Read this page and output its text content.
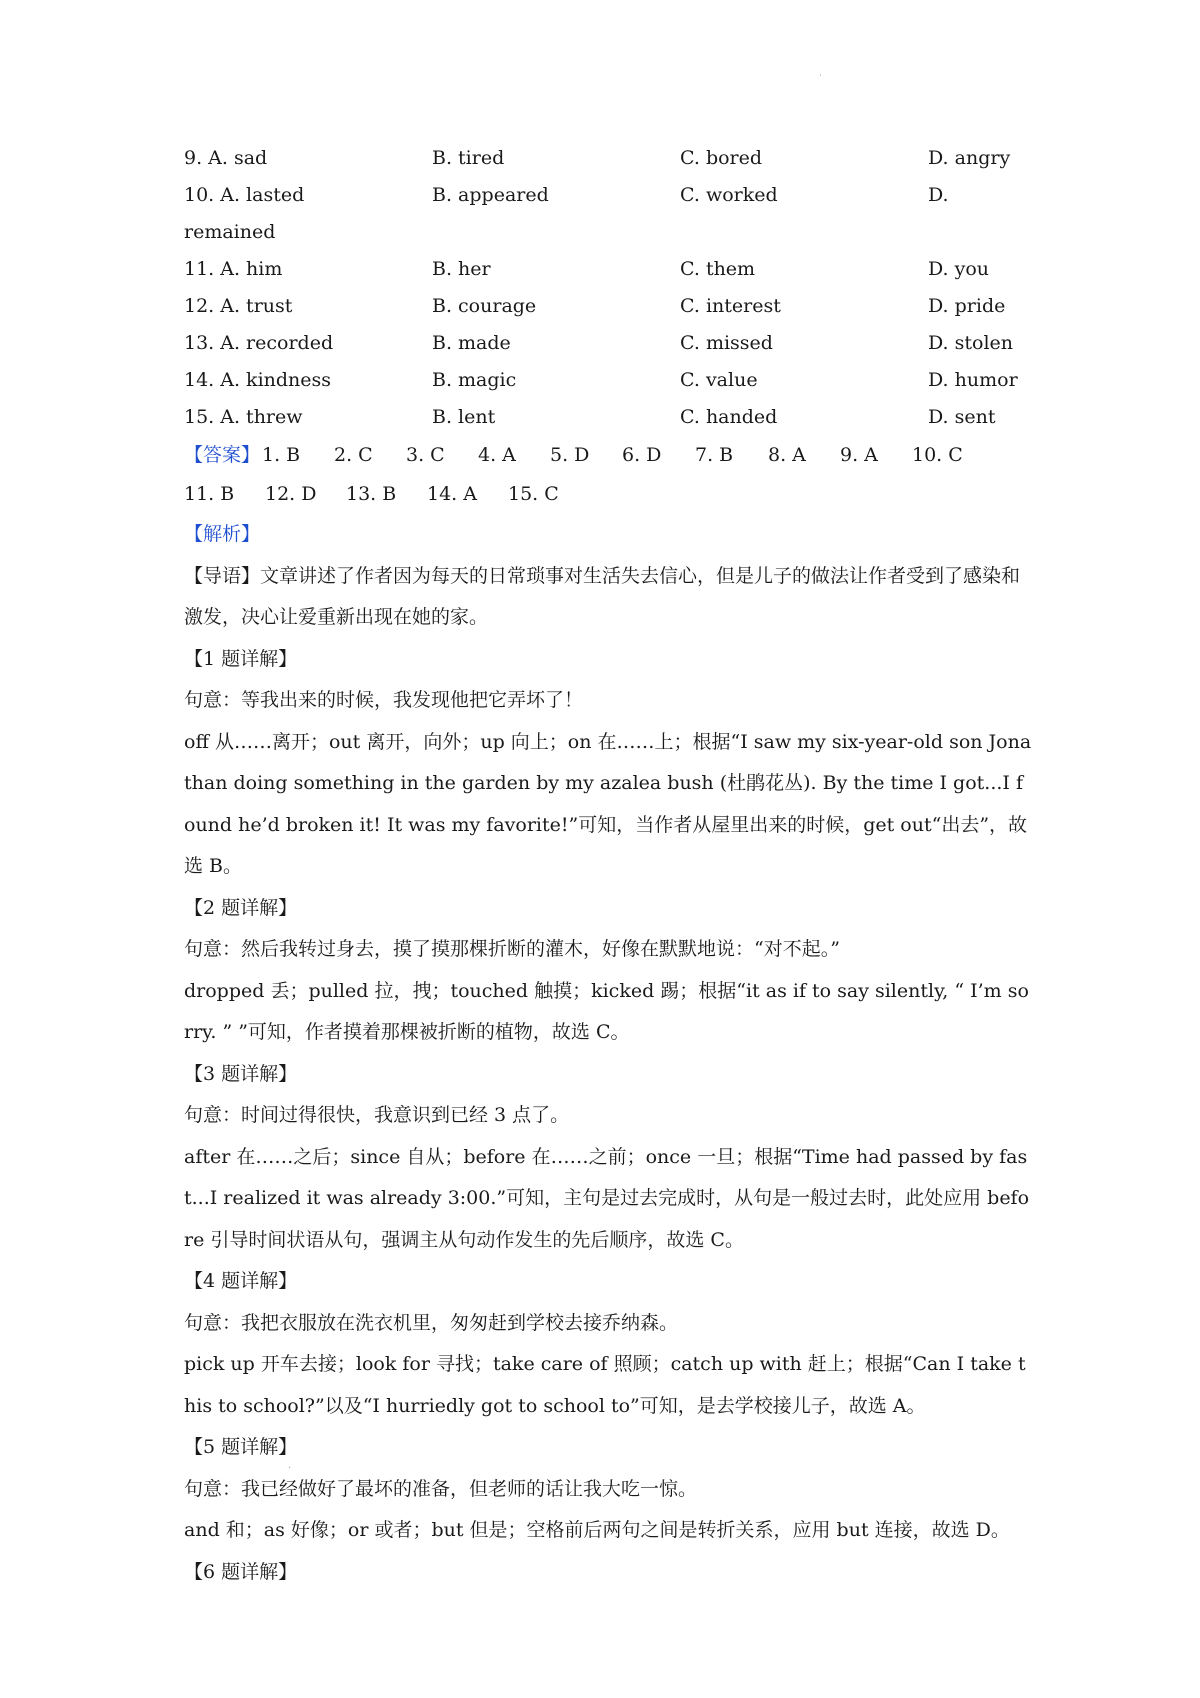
˙
9. A. sad	B. tired	C. bored	D. angry
10. A. lasted	B. appeared	C. worked	D.
remained
11. A. him	B. her	C. them	D. you
12. A. trust	B. courage	C. interest	D. pride
13. A. recorded	B. made	C. missed	D. stolen
14. A. kindness	B. magic	C. value	D. humor
15. A. threw	B. lent	C. handed	D. sent
【答案】 1. B	2. C	3. C	4. A	5. D	6. D	7. B	8. A	9. A	10. C
11. B	12. D	13. B	14. A	15. C
【解析】
【导语】文章讲述了作者因为每天的日常琐事对生活失去信心，但是儿子的做法让作者受到了感染和激发，决心让爱重新出现在她的家。
【1 题详解】
句意：等我出来的时候，我发现他把它弄坏了！
off 从……离开；out 离开，向外；up 向上；on 在……上；根据“I saw my six-year-old son Jonathan doing something in the garden by my azalea bush (杜鹃花丛). By the time I got...I found he’d broken it! It was my favorite!”可知，当作者从屋里出来的时候，get out“出去”，故选 B。
【2 题详解】
句意：然后我转过身去，摸了摸那棵折断的灌木，好像在默默地说：“对不起。”
dropped 丢；pulled 拉，拽；touched 触摸；kicked 踢；根据“it as if to say silently, “ I’m sorry. ” ”可知，作者摸着那棵被折断的植物，故选 C。
【3 题详解】
句意：时间过得很快，我意识到已经 3 点了。
after 在……之后；since 自从；before 在……之前；once 一旦；根据“Time had passed by fast...I realized it was already 3:00.”可知，主句是过去完成时，从句是一般过去时，此处应用 before 引导时间状语从句，强调主从句动作发生的先后顺序，故选 C。
【4 题详解】
句意：我把衣服放在洗衣机里，匆匆赶到学校去接乔纳森。
pick up 开车去接；look for 寻找；take care of 照顾；catch up with 赶上；根据“Can I take this to school?”以及“I hurriedly got to school to”可知，是去学校接儿子，故选 A。
【5 题详解】
句意：我已经做好了最坏的准备，但老师的话让我大吃一惊。
and 和；as 好像；or 或者；but 但是；空格前后两句之间是转折关系，应用 but 连接，故选 D。
【6 题详解】
.
